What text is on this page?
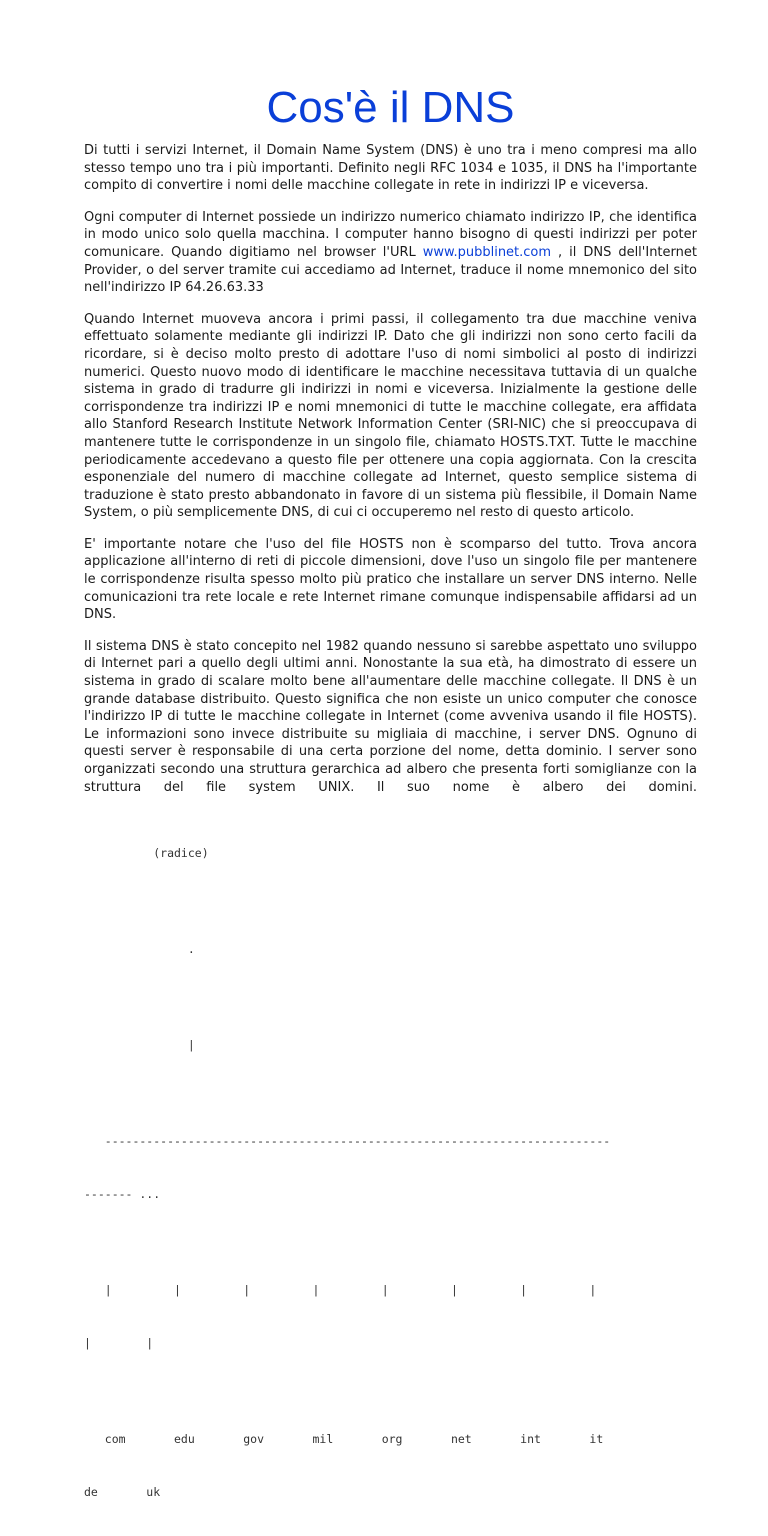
Cos'è il DNS

Di tutti i servizi Internet, il Domain Name System (DNS) è uno tra i meno compresi ma allo stesso tempo uno tra i più importanti. Definito negli RFC 1034 e 1035, il DNS ha l'importante compito di convertire i nomi delle macchine collegate in rete in indirizzi IP e viceversa.

Ogni computer di Internet possiede un indirizzo numerico chiamato indirizzo IP, che identifica in modo unico solo quella macchina. I computer hanno bisogno di questi indirizzi per poter comunicare. Quando digitiamo nel browser l'URL www.pubblinet.com , il DNS dell'Internet Provider, o del server tramite cui accediamo ad Internet, traduce il nome mnemonico del sito nell'indirizzo IP 64.26.63.33

Quando Internet muoveva ancora i primi passi, il collegamento tra due macchine veniva effettuato solamente mediante gli indirizzi IP. Dato che gli indirizzi non sono certo facili da ricordare, si è deciso molto presto di adottare l'uso di nomi simbolici al posto di indirizzi numerici. Questo nuovo modo di identificare le macchine necessitava tuttavia di un qualche sistema in grado di tradurre gli indirizzi in nomi e viceversa. Inizialmente la gestione delle corrispondenze tra indirizzi IP e nomi mnemonici di tutte le macchine collegate, era affidata allo Stanford Research Institute Network Information Center (SRI-NIC) che si preoccupava di mantenere tutte le corrispondenze in un singolo file, chiamato HOSTS.TXT. Tutte le macchine periodicamente accedevano a questo file per ottenere una copia aggiornata. Con la crescita esponenziale del numero di macchine collegate ad Internet, questo semplice sistema di traduzione è stato presto abbandonato in favore di un sistema più flessibile, il Domain Name System, o più semplicemente DNS, di cui ci occuperemo nel resto di questo articolo.

E' importante notare che l'uso del file HOSTS non è scomparso del tutto. Trova ancora applicazione all'interno di reti di piccole dimensioni, dove l'uso un singolo file per mantenere le corrispondenze risulta spesso molto più pratico che installare un server DNS interno. Nelle comunicazioni tra rete locale e rete Internet rimane comunque indispensabile affidarsi ad un DNS.

Il sistema DNS è stato concepito nel 1982 quando nessuno si sarebbe aspettato uno sviluppo di Internet pari a quello degli ultimi anni. Nonostante la sua età, ha dimostrato di essere un sistema in grado di scalare molto bene all'aumentare delle macchine collegate. Il DNS è un grande database distribuito. Questo significa che non esiste un unico computer che conosce l'indirizzo IP di tutte le macchine collegate in Internet (come avveniva usando il file HOSTS). Le informazioni sono invece distribuite su migliaia di macchine, i server DNS. Ognuno di questi server è responsabile di una certa porzione del nome, detta dominio. I server sono organizzati secondo una struttura gerarchica ad albero che presenta forti somiglianze con la struttura del file system UNIX. Il suo nome è albero dei domini.

(radice)

.

|

-------------------------------------------------------------------------

------- ...

|         |         |         |         |         |         |         |

|        |

com       edu       gov       mil       org       net       int       it

de       uk
